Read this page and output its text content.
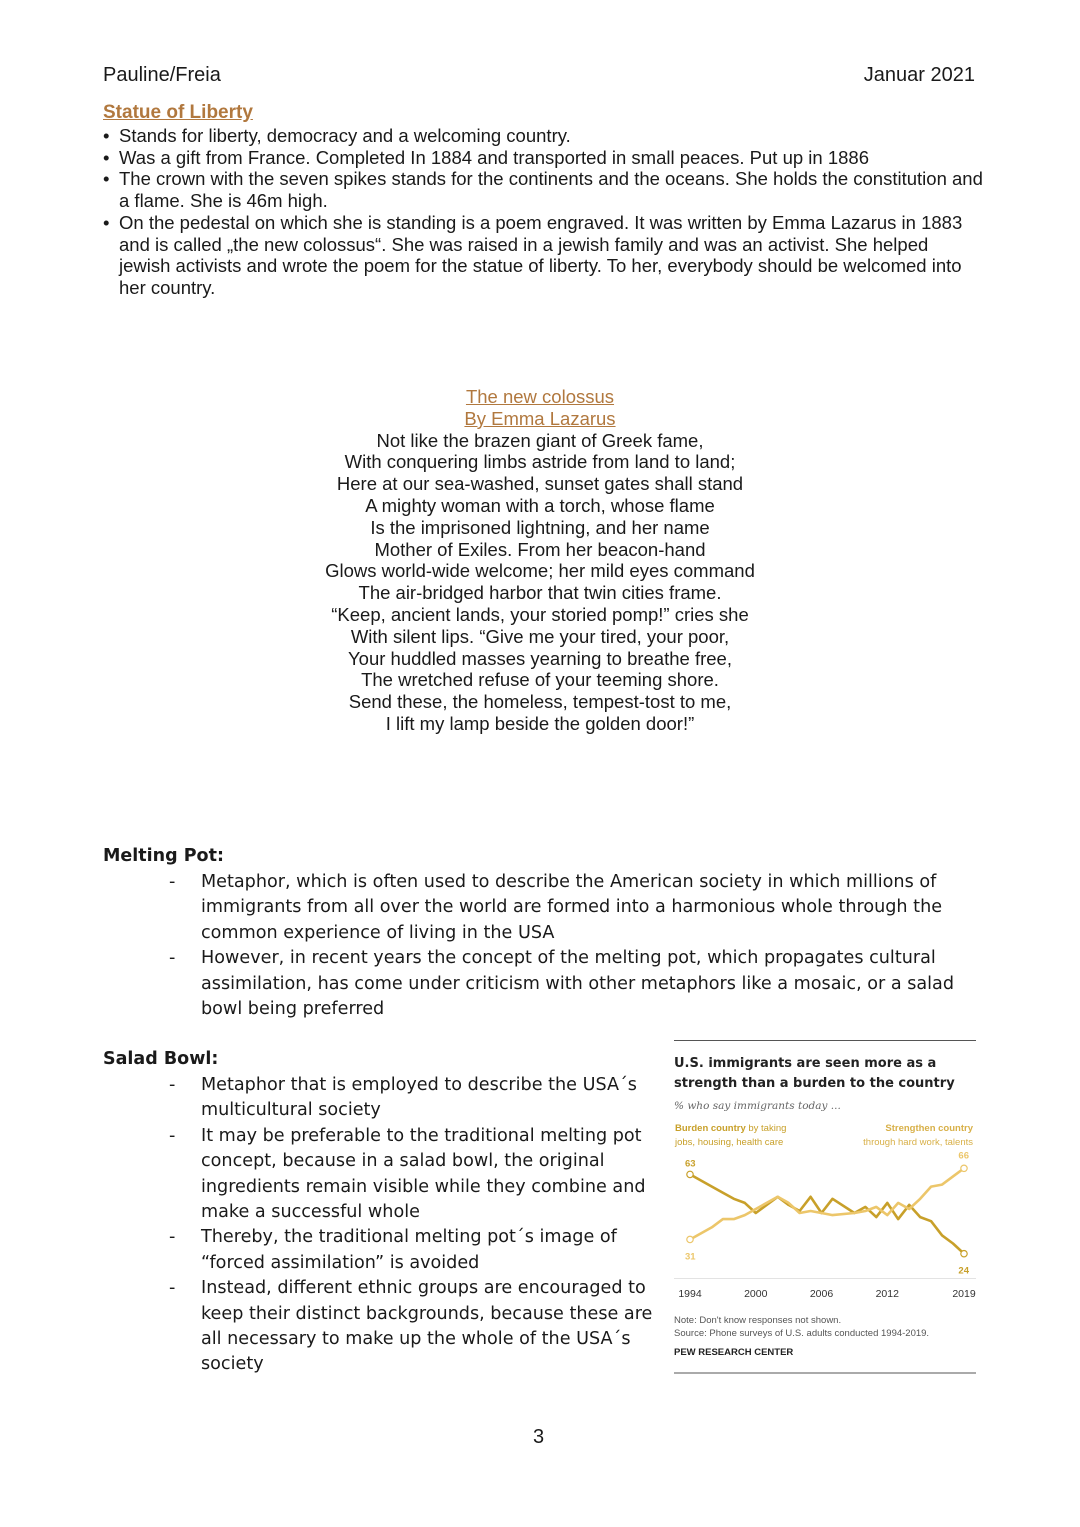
Pauline/Freia	Januar 2021
Statue of Liberty
• Stands for liberty, democracy and a welcoming country.
• Was a gift from France. Completed In 1884 and transported in small peaces. Put up in 1886
• The crown with the seven spikes stands for the continents and the oceans. She holds the constitution and a flame. She is 46m high.
• On the pedestal on which she is standing is a poem engraved. It was written by Emma Lazarus in 1883 and is called „the new colossus“. She was raised in a jewish family and was an activist. She helped jewish activists and wrote the poem for the statue of liberty. To her, everybody should be welcomed into her country.
The new colossus
By Emma Lazarus
Not like the brazen giant of Greek fame,
With conquering limbs astride from land to land;
Here at our sea-washed, sunset gates shall stand
A mighty woman with a torch, whose flame
Is the imprisoned lightning, and her name
Mother of Exiles. From her beacon-hand
Glows world-wide welcome; her mild eyes command
The air-bridged harbor that twin cities frame.
“Keep, ancient lands, your storied pomp!” cries she
With silent lips. “Give me your tired, your poor,
Your huddled masses yearning to breathe free,
The wretched refuse of your teeming shore.
Send these, the homeless, tempest-tost to me,
I lift my lamp beside the golden door!”
Melting Pot:
- Metaphor, which is often used to describe the American society in which millions of immigrants from all over the world are formed into a harmonious whole through the common experience of living in the USA
- However, in recent years the concept of the melting pot, which propagates cultural assimilation, has come under criticism with other metaphors like a mosaic, or a salad bowl being preferred
Salad Bowl:
- Metaphor that is employed to describe the USA´s multicultural society
- It may be preferable to the traditional melting pot concept, because in a salad bowl, the original ingredients remain visible while they combine and make a successful whole
- Thereby, the traditional melting pot´s image of “forced assimilation” is avoided
- Instead, different ethnic groups are encouraged to keep their distinct backgrounds, because these are all necessary to make up the whole of the USA´s society
U.S. immigrants are seen more as a
strength than a burden to the country
% who say immigrants today ...
Burden country by taking
jobs, housing, health care
Strengthen country
through hard work, talents
63
24
31
66
1994	2000	2006	2012	2019
Note: Don't know responses not shown.
Source: Phone surveys of U.S. adults conducted 1994-2019.
PEW RESEARCH CENTER
3
